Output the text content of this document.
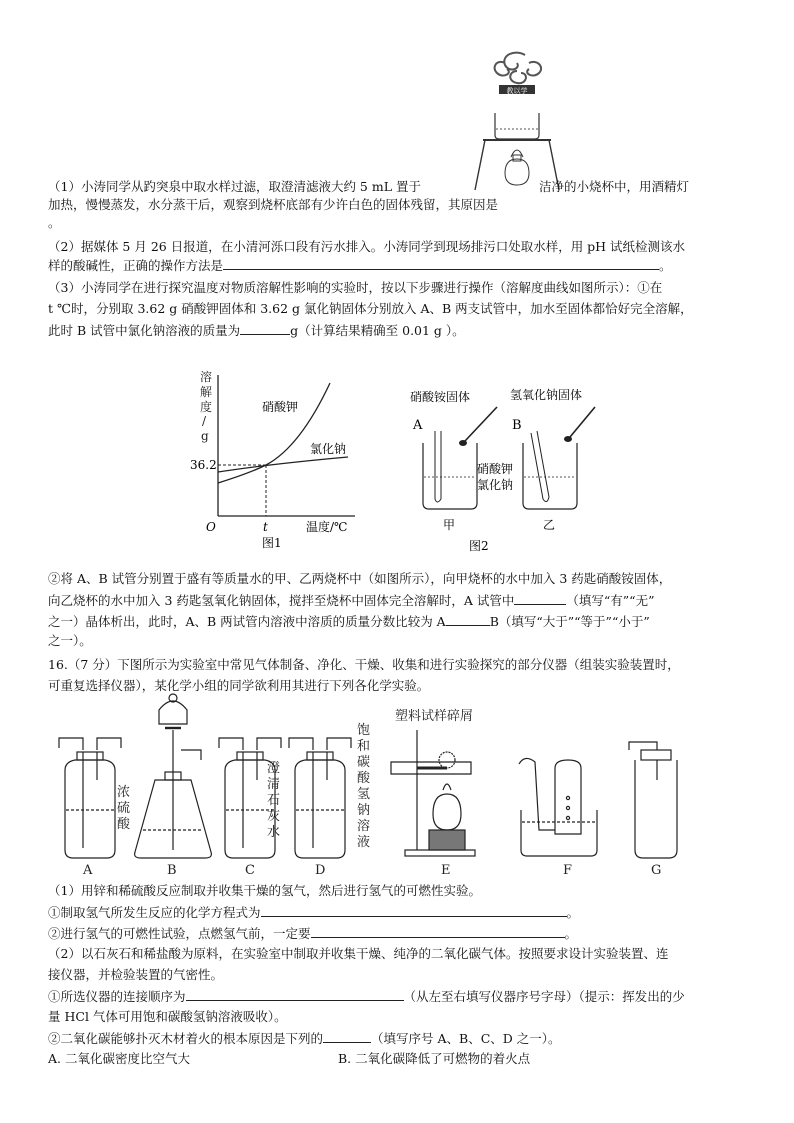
教以学
（1）小涛同学从趵突泉中取水样过滤，取澄清滤液大约 5 mL 置于	洁净的小烧杯中，用酒精灯
加热，慢慢蒸发，水分蒸干后，观察到烧杯底部有少许白色的固体残留，其原因是
。
（2）据媒体 5 月 26 日报道，在小清河泺口段有污水排入。小涛同学到现场排污口处取水样，用 pH 试纸检测该水
样的酸碱性，正确的操作方法是	。
（3）小涛同学在进行探究温度对物质溶解性影响的实验时，按以下步骤进行操作（溶解度曲线如图所示）：①在
t ℃时，分别取 3.62 g 硝酸钾固体和 3.62 g 氯化钠固体分别放入 A、B 两支试管中，加水至固体都恰好完全溶解，
此时 B 试管中氯化钠溶液的质量为	g（计算结果精确至 0.01 g ）。
溶
解
度
/
g
O	温度/℃
t
36.2
硝酸钾
氯化钠
图1
硝酸铵固体	氢氧化钠固体
A	B
硝酸钾
氯化钠
甲	乙
图2
②将 A、B 试管分别置于盛有等质量水的甲、乙两烧杯中（如图所示），向甲烧杯的水中加入 3 药匙硝酸铵固体，
向乙烧杯的水中加入 3 药匙氢氧化钠固体，搅拌至烧杯中固体完全溶解时，A 试管中	（填写“有”“无”
之一）晶体析出，此时，A、B 两试管内溶液中溶质的质量分数比较为 A	B（填写“大于”“等于”“小于”
之一）。
16.（7 分）下图所示为实验室中常见气体制备、净化、干燥、收集和进行实验探究的部分仪器（组装实验装置时，
可重复选择仪器），某化学小组的同学欲利用其进行下列各化学实验。
浓
硫
酸
澄
清
石
灰
水
饱
和
碳
酸
氢
钠
溶
液
塑料试样碎屑
A	B	C	D	E	F	G
（1）用锌和稀硫酸反应制取并收集干燥的氢气，然后进行氢气的可燃性实验。
①制取氢气所发生反应的化学方程式为	。
②进行氢气的可燃性试验，点燃氢气前，一定要	。
（2）以石灰石和稀盐酸为原料，在实验室中制取并收集干燥、纯净的二氧化碳气体。按照要求设计实验装置、连
接仪器，并检验装置的气密性。
①所选仪器的连接顺序为	（从左至右填写仪器序号字母）（提示：挥发出的少
量 HCl 气体可用饱和碳酸氢钠溶液吸收）。
②二氧化碳能够扑灭木材着火的根本原因是下列的	（填写序号 A、B、C、D 之一）。
A. 二氧化碳密度比空气大	B. 二氧化碳降低了可燃物的着火点
